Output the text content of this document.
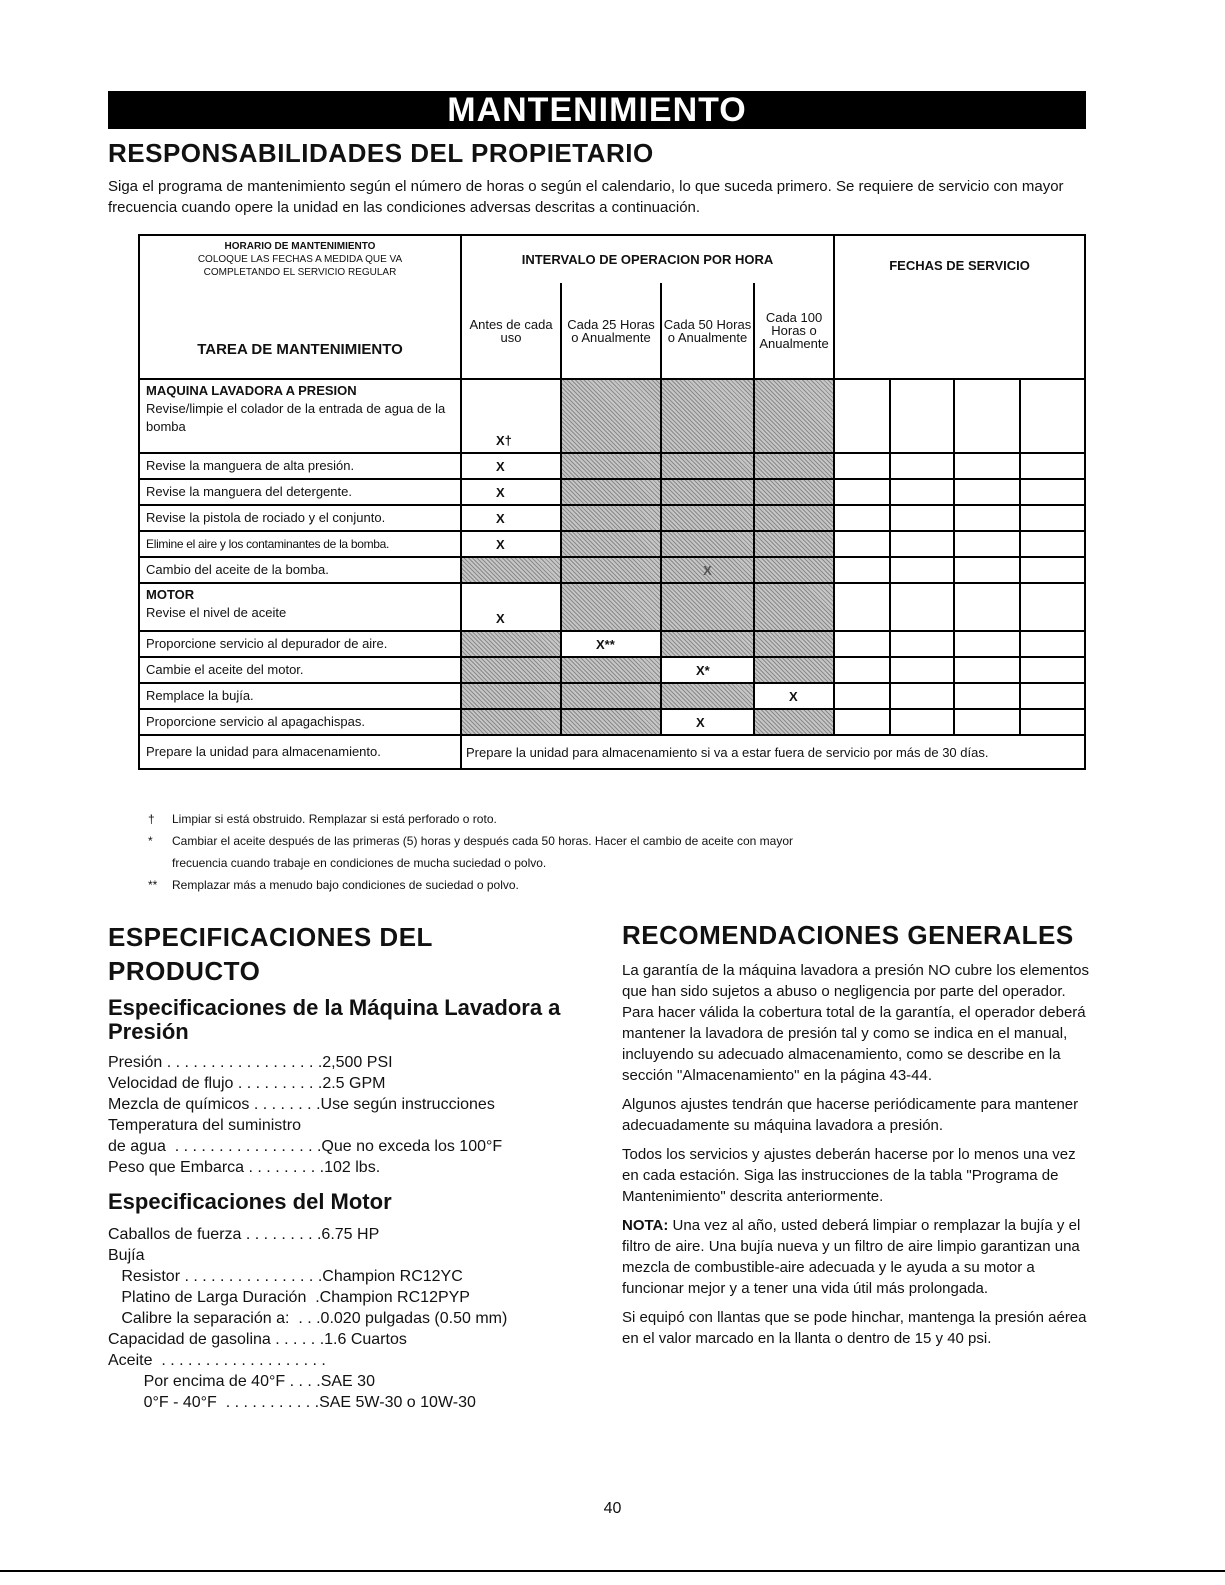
MANTENIMIENTO
RESPONSABILIDADES DEL PROPIETARIO
Siga el programa de mantenimiento según el número de horas o según el calendario, lo que suceda primero. Se requiere de servicio con mayor frecuencia cuando opere la unidad en las condiciones adversas descritas a continuación.
HORARIO DE MANTENIMIENTO
COLOQUE LAS FECHAS A MEDIDA QUE VA
COMPLETANDO EL SERVICIO REGULAR
TAREA DE MANTENIMIENTO	INTERVALO DE OPERACION POR HORA				FECHAS DE SERVICIO			
	Antes de cada uso	Cada 25 Horas o Anualmente	Cada 50 Horas o Anualmente	Cada 100 Horas o Anualmente				

MAQUINA LAVADORA A PRESION
Revise/limpie el colador de la entrada de agua de la bomba	X†							
Revise la manguera de alta presión.	X							
Revise la manguera del detergente.	X							
Revise la pistola de rociado y el conjunto.	X							
Elimine el aire y los contaminantes de la bomba.	X							
Cambio del aceite de la bomba.			X					

MOTOR
Revise el nivel de aceite	X							
Proporcione servicio al depurador de aire.		X**						
Cambie el aceite del motor.			X*					
Remplace la bujía.				X				
Proporcione servicio al apagachispas.			X					
Prepare la unidad para almacenamiento.	Prepare la unidad para almacenamiento si va a estar fuera de servicio por más de 30 días.							
† Limpiar si está obstruido. Remplazar si está perforado o roto.
* Cambiar el aceite después de las primeras (5) horas y después cada 50 horas. Hacer el cambio de aceite con mayor
frecuencia cuando trabaje en condiciones de mucha suciedad o polvo.
** Remplazar más a menudo bajo condiciones de suciedad o polvo.
ESPECIFICACIONES DEL
PRODUCTO
Especificaciones de la Máquina Lavadora a Presión
Presión . . . . . . . . . . . . . . . . . .2,500 PSI
Velocidad de flujo . . . . . . . . . .2.5 GPM
Mezcla de químicos . . . . . . . .Use según instrucciones
Temperatura del suministro
de agua  . . . . . . . . . . . . . . . . .Que no exceda los 100°F
Peso que Embarca . . . . . . . . .102 lbs.
Especificaciones del Motor
Caballos de fuerza . . . . . . . . .6.75 HP
Bujía
Resistor . . . . . . . . . . . . . . . .Champion RC12YC
Platino de Larga Duración  .Champion RC12PYP
Calibre la separación a:  . . .0.020 pulgadas (0.50 mm)
Capacidad de gasolina . . . . . .1.6 Cuartos
Aceite  . . . . . . . . . . . . . . . . . . .
Por encima de 40°F . . . .SAE 30
0°F - 40°F  . . . . . . . . . . .SAE 5W-30 o 10W-30
RECOMENDACIONES GENERALES

La garantía de la máquina lavadora a presión NO cubre los elementos que han sido sujetos a abuso o negligencia por parte del operador. Para hacer válida la cobertura total de la garantía, el operador deberá mantener la lavadora de presión tal y como se indica en el manual, incluyendo su adecuado almacenamiento, como se describe en la sección "Almacenamiento" en la página 43-44.

Algunos ajustes tendrán que hacerse periódicamente para mantener adecuadamente su máquina lavadora a presión.

Todos los servicios y ajustes deberán hacerse por lo menos una vez en cada estación. Siga las instrucciones de la tabla "Programa de Mantenimiento" descrita anteriormente.

NOTA: Una vez al año, usted deberá limpiar o remplazar la bujía y el filtro de aire. Una bujía nueva y un filtro de aire limpio garantizan una mezcla de combustible-aire adecuada y le ayuda a su motor a funcionar mejor y a tener una vida útil más prolongada.

Si equipó con llantas que se pode hinchar, mantenga la presión aérea en el valor marcado en la llanta o dentro de 15 y 40 psi.

40
